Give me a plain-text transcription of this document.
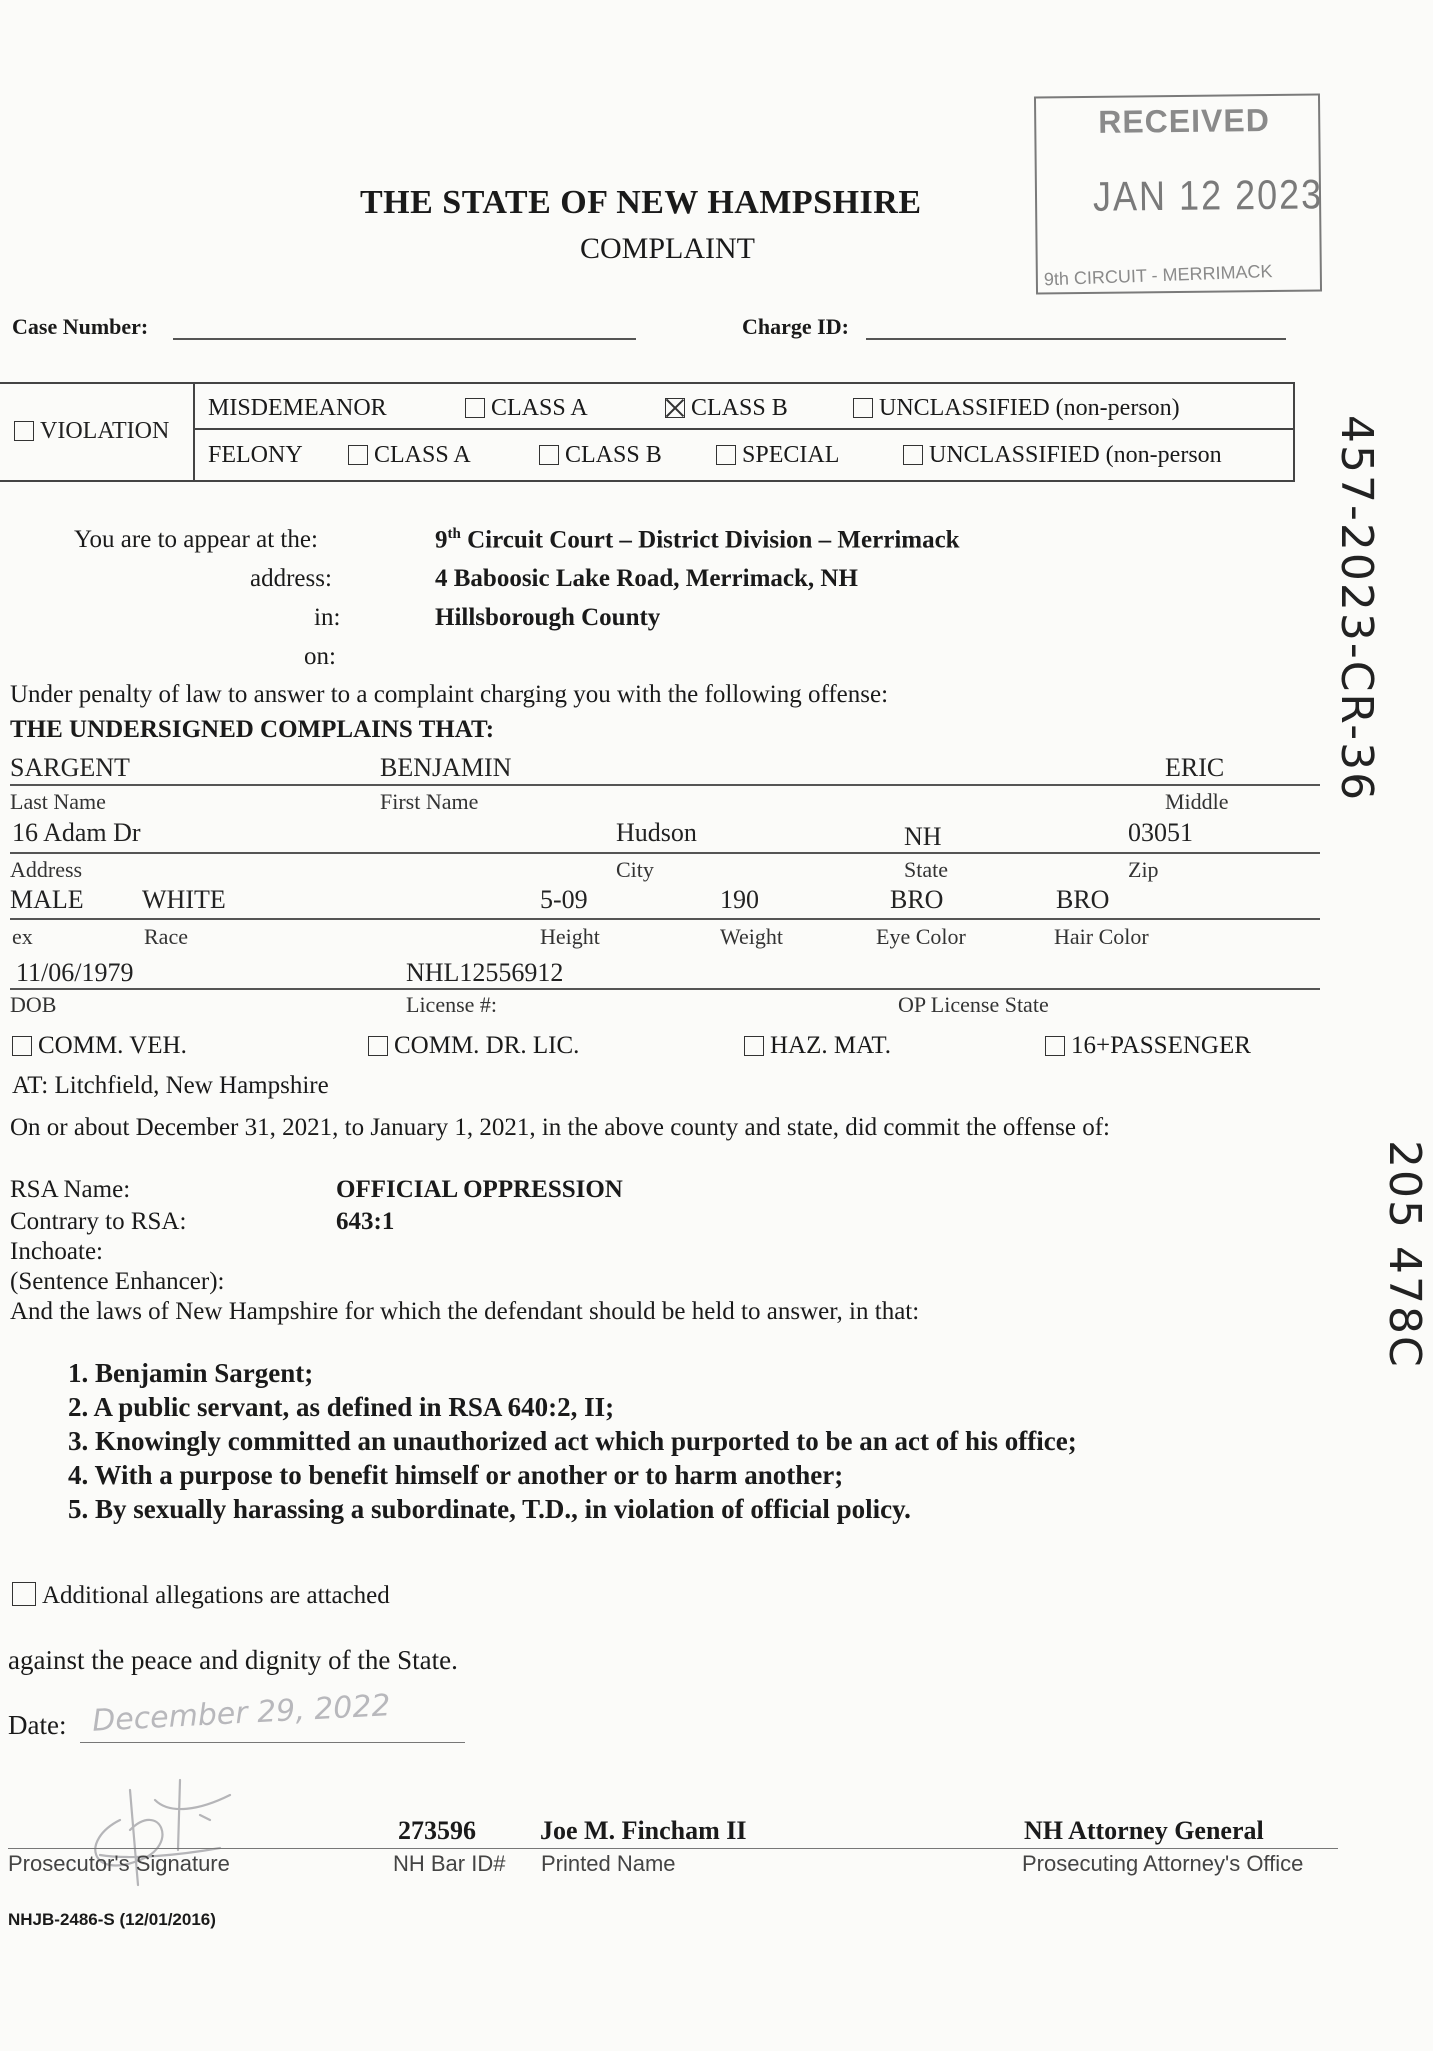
RECEIVED
JAN 12 2023
9th CIRCUIT - MERRIMACK
THE STATE OF NEW HAMPSHIRE
COMPLAINT
Case Number:	Charge ID:
VIOLATION
MISDEMEANOR	CLASS A	CLASS B	UNCLASSIFIED (non-person)
FELONY	CLASS A	CLASS B	SPECIAL	UNCLASSIFIED (non-person
You are to appear at the:
address:
in:
on:
9th Circuit Court – District Division – Merrimack
4 Baboosic Lake Road, Merrimack, NH
Hillsborough County
Under penalty of law to answer to a complaint charging you with the following offense:
THE UNDERSIGNED COMPLAINS THAT:
SARGENT	BENJAMIN	ERIC
Last Name	First Name	Middle
16 Adam Dr	Hudson	NH	03051
Address	City	State	Zip
MALE WHITE	5-09	190	BRO	BRO
ex	Race	Height	Weight	Eye Color	Hair Color
11/06/1979	NHL12556912
DOB	License #:	OP License State
COMM. VEH.	COMM. DR. LIC.	HAZ. MAT.	16+PASSENGER
AT: Litchfield, New Hampshire
On or about December 31, 2021, to January 1, 2021, in the above county and state, did commit the offense of:
RSA Name:	OFFICIAL OPPRESSION
Contrary to RSA:	643:1
Inchoate:
(Sentence Enhancer):
And the laws of New Hampshire for which the defendant should be held to answer, in that:
1. Benjamin Sargent;
2. A public servant, as defined in RSA 640:2, II;
3. Knowingly committed an unauthorized act which purported to be an act of his office;
4. With a purpose to benefit himself or another or to harm another;
5. By sexually harassing a subordinate, T.D., in violation of official policy.
Additional allegations are attached
against the peace and dignity of the State.
Date: December 29, 2022
273596 Joe M. Fincham II	NH Attorney General
Prosecutor's Signature	NH Bar ID# Printed Name	Prosecuting Attorney's Office
NHJB-2486-S (12/01/2016)
457-2023-CR-36
205 478C
